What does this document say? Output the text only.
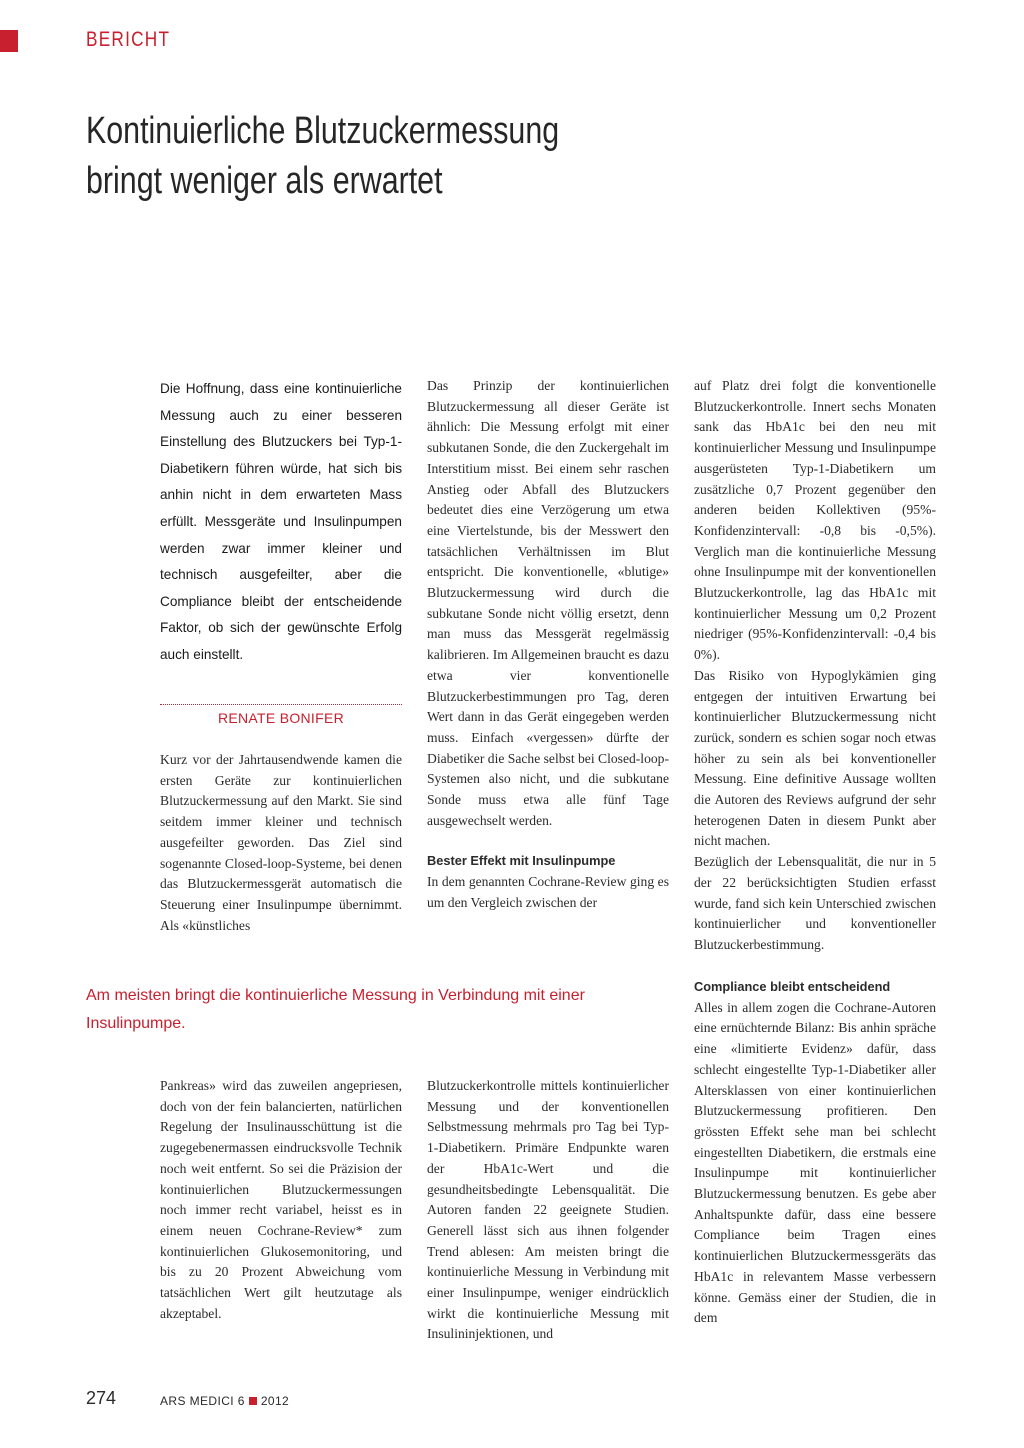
BERICHT
Kontinuierliche Blutzuckermessung
bringt weniger als erwartet
Die Hoffnung, dass eine kontinuierliche Messung auch zu einer besseren Einstellung des Blutzuckers bei Typ-1-Diabetikern führen würde, hat sich bis anhin nicht in dem erwarteten Mass erfüllt. Messgeräte und Insulinpumpen werden zwar immer kleiner und technisch ausgefeilter, aber die Compliance bleibt der entscheidende Faktor, ob sich der gewünschte Erfolg auch einstellt.
RENATE BONIFER

Kurz vor der Jahrtausendwende kamen die ersten Geräte zur kontinuierlichen Blutzuckermessung auf den Markt. Sie sind seitdem immer kleiner und technisch ausgefeilter geworden. Das Ziel sind sogenannte Closed-loop-Systeme, bei denen das Blutzuckermessgerät automatisch die Steuerung einer Insulinpumpe übernimmt. Als «künstliches

Das Prinzip der kontinuierlichen Blutzuckermessung all dieser Geräte ist ähnlich: Die Messung erfolgt mit einer subkutanen Sonde, die den Zuckergehalt im Interstitium misst. Bei einem sehr raschen Anstieg oder Abfall des Blutzuckers bedeutet dies eine Verzögerung um etwa eine Viertelstunde, bis der Messwert den tatsächlichen Verhältnissen im Blut entspricht. Die konventionelle, «blutige» Blutzuckermessung wird durch die subkutane Sonde nicht völlig ersetzt, denn man muss das Messgerät regelmässig kalibrieren. Im Allgemeinen braucht es dazu etwa vier konventionelle Blutzuckerbestimmungen pro Tag, deren Wert dann in das Gerät eingegeben werden muss. Einfach «vergessen» dürfte der Diabetiker die Sache selbst bei Closed-loop-Systemen also nicht, und die subkutane Sonde muss etwa alle fünf Tage ausgewechselt werden.

Bester Effekt mit Insulinpumpe

In dem genannten Cochrane-Review ging es um den Vergleich zwischen der

auf Platz drei folgt die konventionelle Blutzuckerkontrolle. Innert sechs Monaten sank das HbA1c bei den neu mit kontinuierlicher Messung und Insulinpumpe ausgerüsteten Typ-1-Diabetikern um zusätzliche 0,7 Prozent gegenüber den anderen beiden Kollektiven (95%-Konfidenzintervall: -0,8 bis -0,5%). Verglich man die kontinuierliche Messung ohne Insulinpumpe mit der konventionellen Blutzuckerkontrolle, lag das HbA1c mit kontinuierlicher Messung um 0,2 Prozent niedriger (95%-Konfidenzintervall: -0,4 bis 0%).

Das Risiko von Hypoglykämien ging entgegen der intuitiven Erwartung bei kontinuierlicher Blutzuckermessung nicht zurück, sondern es schien sogar noch etwas höher zu sein als bei konventioneller Messung. Eine definitive Aussage wollten die Autoren des Reviews aufgrund der sehr heterogenen Daten in diesem Punkt aber nicht machen.

Bezüglich der Lebensqualität, die nur in 5 der 22 berücksichtigten Studien erfasst wurde, fand sich kein Unterschied zwischen kontinuierlicher und konventioneller Blutzuckerbestimmung.

Compliance bleibt entscheidend

Alles in allem zogen die Cochrane-Autoren eine ernüchternde Bilanz: Bis anhin spräche eine «limitierte Evidenz» dafür, dass schlecht eingestellte Typ-1-Diabetiker aller Altersklassen von einer kontinuierlichen Blutzuckermessung profitieren. Den grössten Effekt sehe man bei schlecht eingestellten Diabetikern, die erstmals eine Insulinpumpe mit kontinuierlicher Blutzuckermessung benutzen. Es gebe aber Anhaltspunkte dafür, dass eine bessere Compliance beim Tragen eines kontinuierlichen Blutzuckermessgeräts das HbA1c in relevantem Masse verbessern könne. Gemäss einer der Studien, die in dem

Am meisten bringt die kontinuierliche Messung in Verbindung mit einer Insulinpumpe.

Pankreas» wird das zuweilen angepriesen, doch von der fein balancierten, natürlichen Regelung der Insulinausschüttung ist die zugegebenermassen eindrucksvolle Technik noch weit entfernt. So sei die Präzision der kontinuierlichen Blutzuckermessungen noch immer recht variabel, heisst es in einem neuen Cochrane-Review* zum kontinuierlichen Glukosemonitoring, und bis zu 20 Prozent Abweichung vom tatsächlichen Wert gilt heutzutage als akzeptabel.

Blutzuckerkontrolle mittels kontinuierlicher Messung und der konventionellen Selbstmessung mehrmals pro Tag bei Typ-1-Diabetikern. Primäre Endpunkte waren der HbA1c-Wert und die gesundheitsbedingte Lebensqualität. Die Autoren fanden 22 geeignete Studien. Generell lässt sich aus ihnen folgender Trend ablesen: Am meisten bringt die kontinuierliche Messung in Verbindung mit einer Insulinpumpe, weniger eindrücklich wirkt die kontinuierliche Messung mit Insulininjektionen, und

274	ARS MEDICI 6 2012
